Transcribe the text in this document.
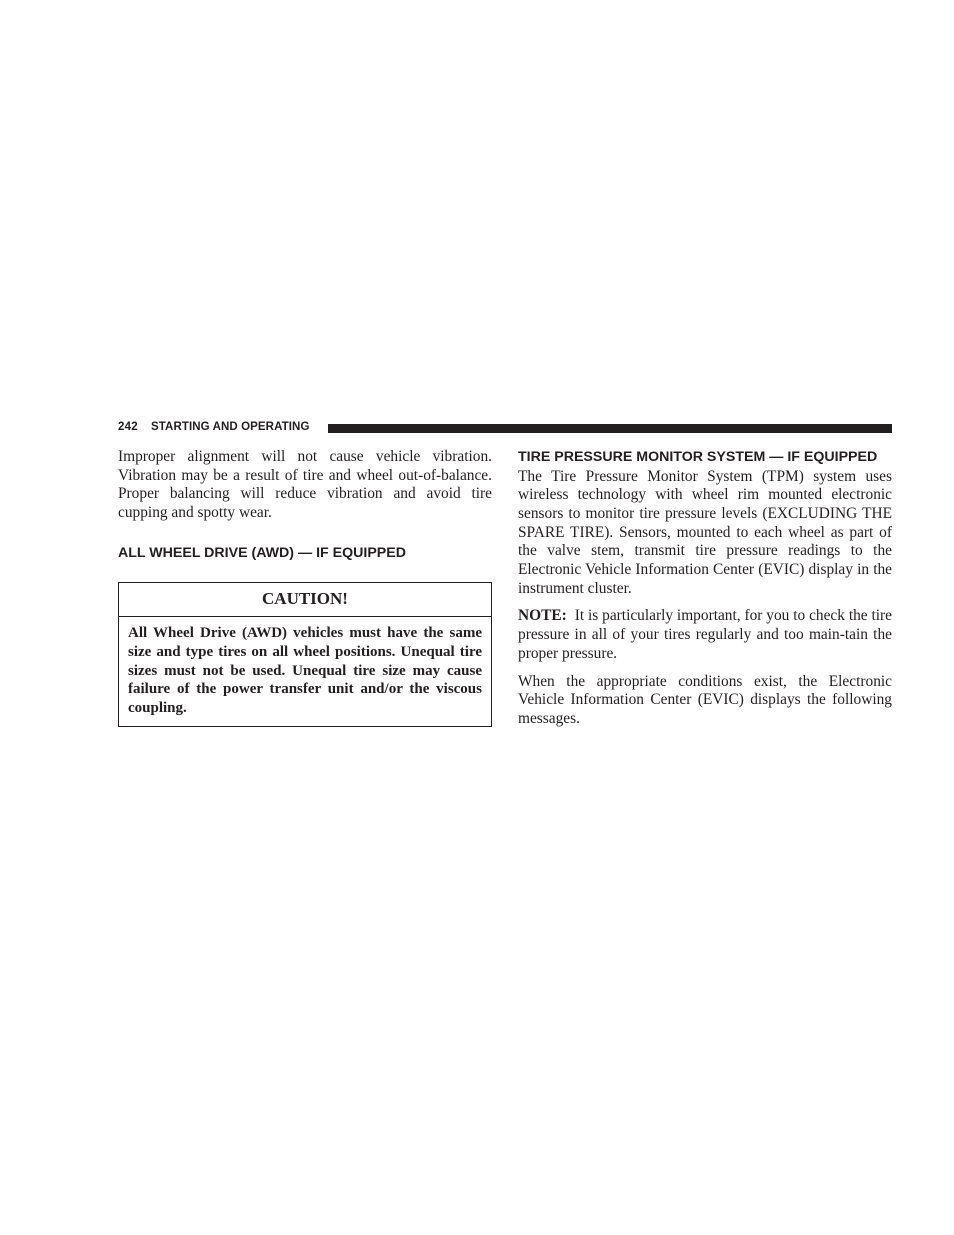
242 STARTING AND OPERATING

Improper alignment will not cause vehicle vibration. Vibration may be a result of tire and wheel out-of-balance. Proper balancing will reduce vibration and avoid tire cupping and spotty wear.

ALL WHEEL DRIVE (AWD) — IF EQUIPPED
CAUTION!

All Wheel Drive (AWD) vehicles must have the same size and type tires on all wheel positions. Unequal tire sizes must not be used. Unequal tire size may cause failure of the power transfer unit and/or the viscous coupling.

TIRE PRESSURE MONITOR SYSTEM — IF EQUIPPED

The Tire Pressure Monitor System (TPM) system uses wireless technology with wheel rim mounted electronic sensors to monitor tire pressure levels (EXCLUDING THE SPARE TIRE). Sensors, mounted to each wheel as part of the valve stem, transmit tire pressure readings to the Electronic Vehicle Information Center (EVIC) display in the instrument cluster.

NOTE: It is particularly important, for you to check the tire pressure in all of your tires regularly and too main-tain the proper pressure.

When the appropriate conditions exist, the Electronic Vehicle Information Center (EVIC) displays the following messages.
